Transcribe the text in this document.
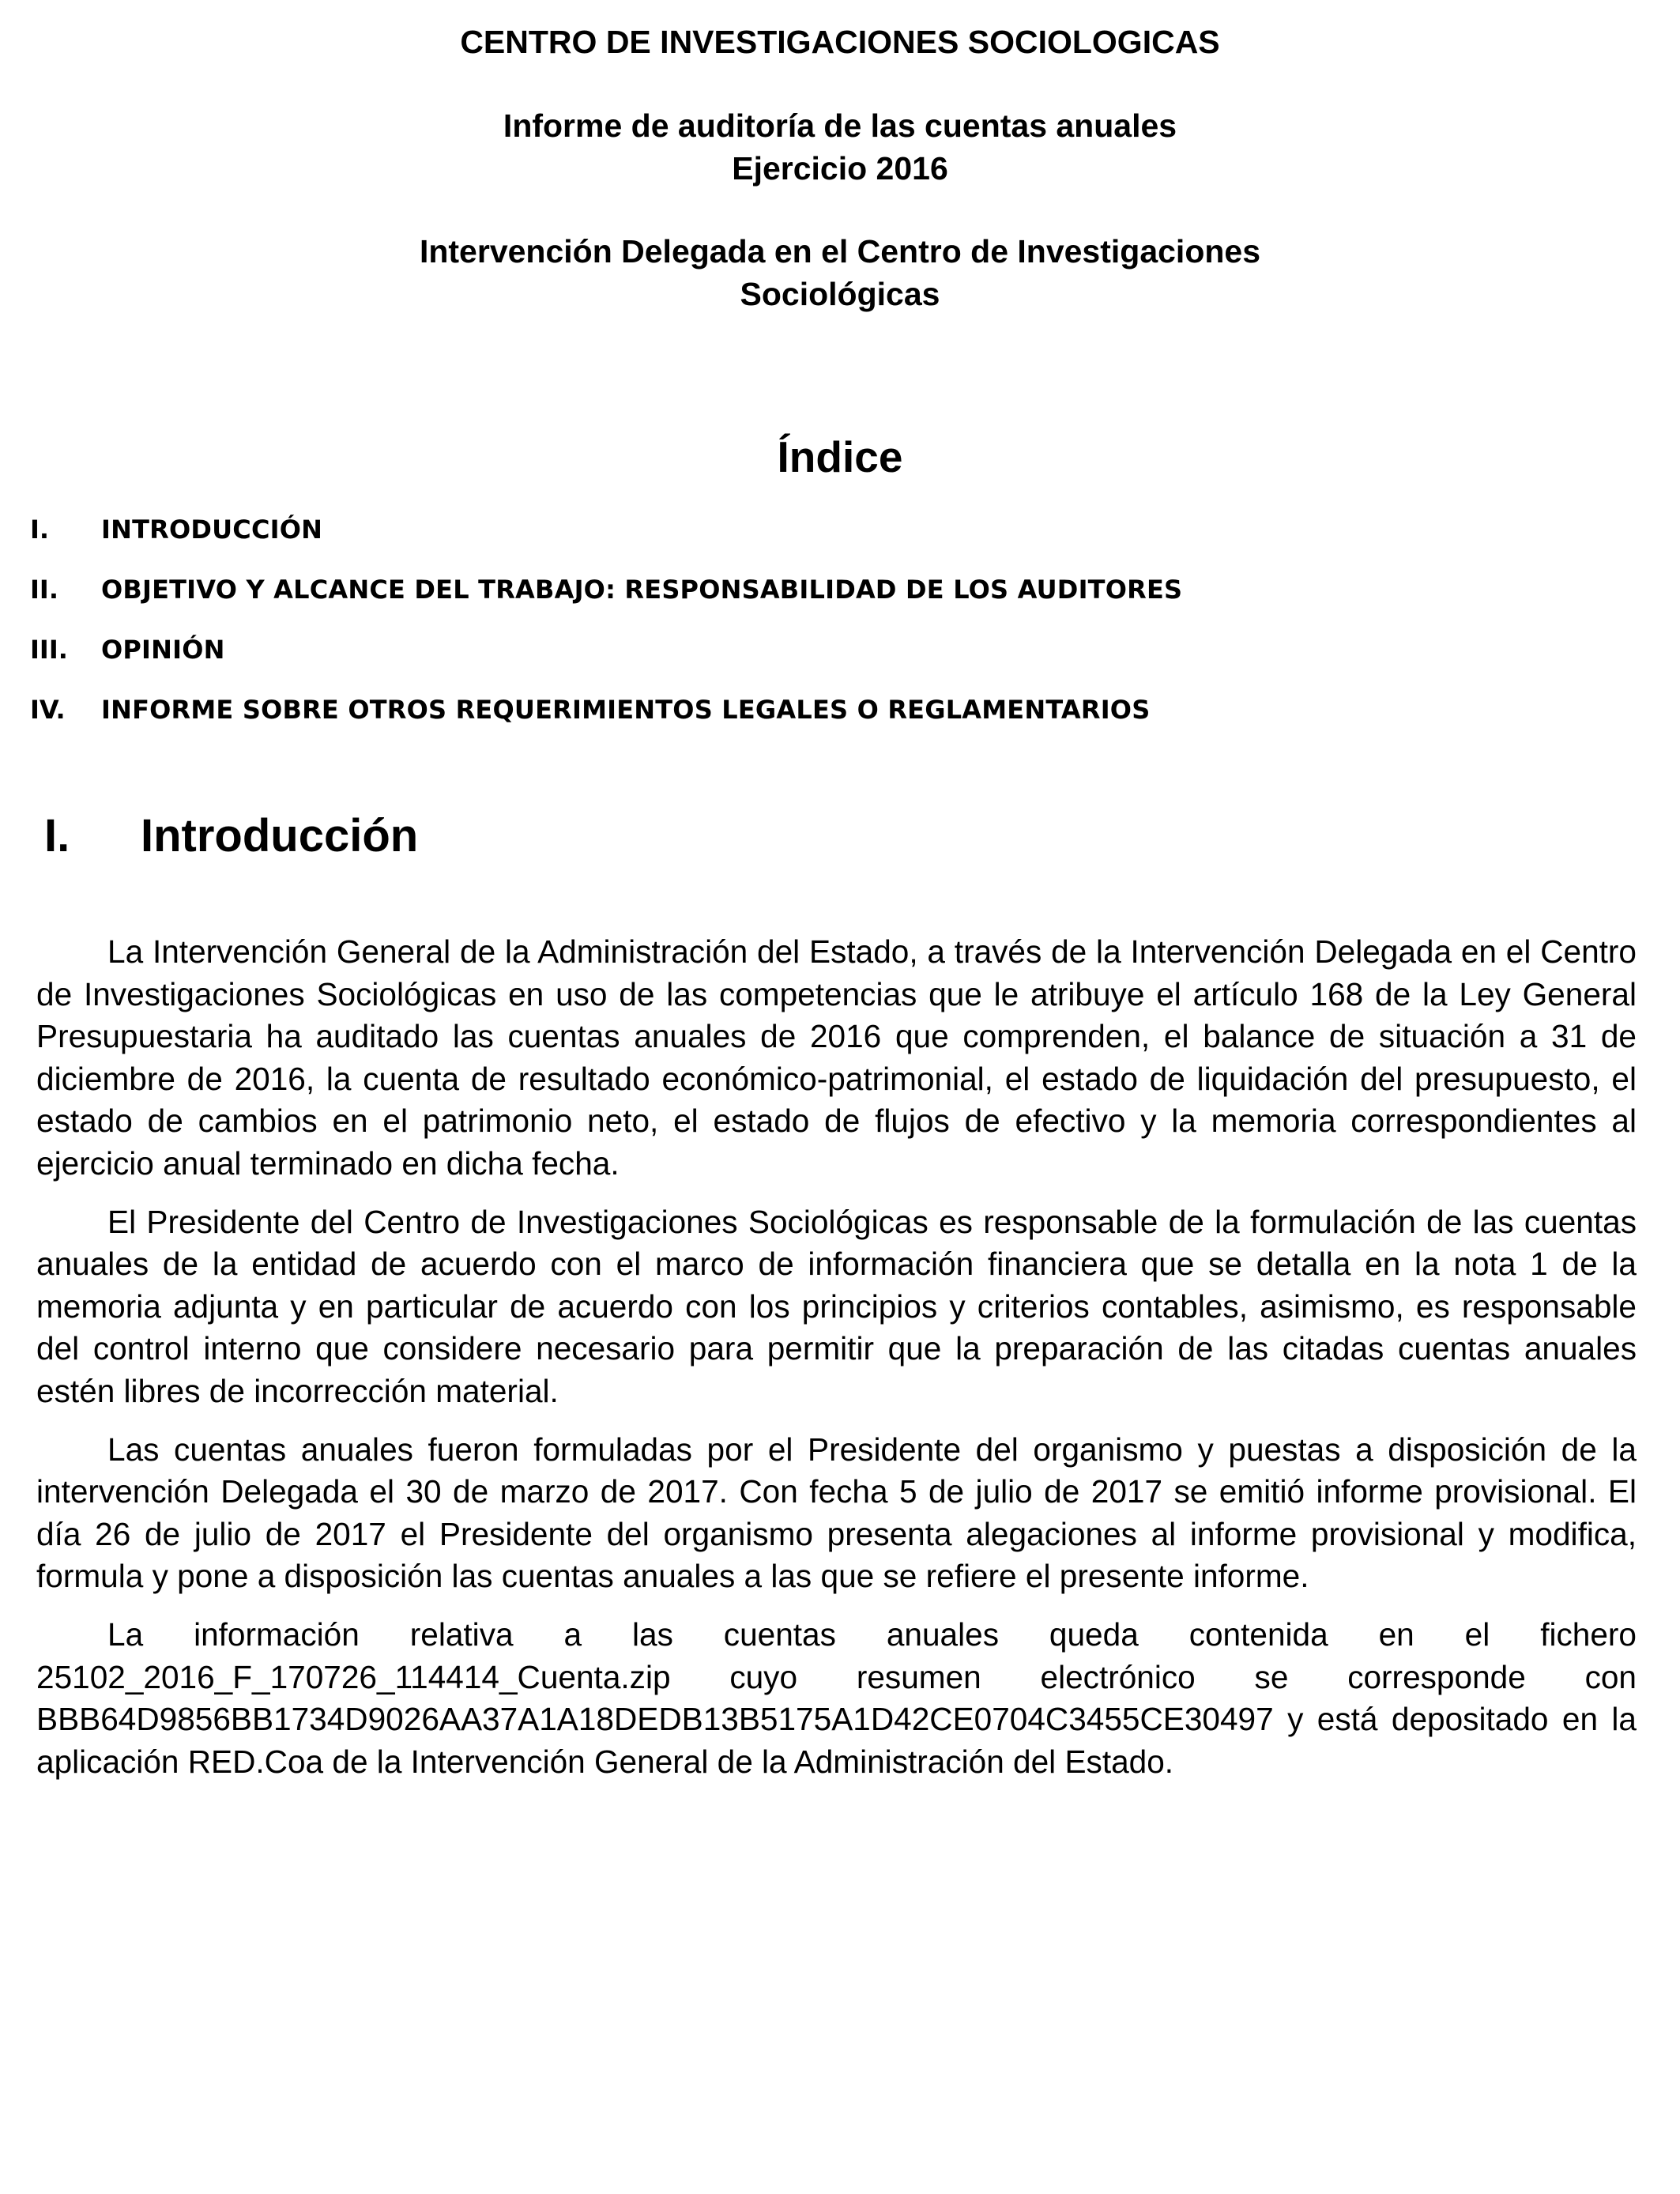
CENTRO DE INVESTIGACIONES SOCIOLOGICAS
Informe de auditoría de las cuentas anuales
Ejercicio 2016
Intervención Delegada en el Centro de Investigaciones
Sociológicas
Índice
I. INTRODUCCIÓN
II. OBJETIVO Y ALCANCE DEL TRABAJO: RESPONSABILIDAD DE LOS AUDITORES
III. OPINIÓN
IV. INFORME SOBRE OTROS REQUERIMIENTOS LEGALES O REGLAMENTARIOS
I. Introducción

La Intervención General de la Administración del Estado, a través de la Intervención Delegada en el Centro de Investigaciones Sociológicas en uso de las competencias que le atribuye el artículo 168 de la Ley General Presupuestaria ha auditado las cuentas anuales de 2016 que comprenden, el balance de situación a 31 de diciembre de 2016, la cuenta de resultado económico-patrimonial, el estado de liquidación del presupuesto, el estado de cambios en el patrimonio neto, el estado de flujos de efectivo y la memoria correspondientes al ejercicio anual terminado en dicha fecha.

El Presidente del Centro de Investigaciones Sociológicas es responsable de la formulación de las cuentas anuales de la entidad de acuerdo con el marco de información financiera que se detalla en la nota 1 de la memoria adjunta y en particular de acuerdo con los principios y criterios contables, asimismo, es responsable del control interno que considere necesario para permitir que la preparación de las citadas cuentas anuales estén libres de incorrección material.

Las cuentas anuales fueron formuladas por el Presidente del organismo y puestas a disposición de la intervención Delegada el 30 de marzo de 2017. Con fecha 5 de julio de 2017 se emitió informe provisional. El día 26 de julio de 2017 el Presidente del organismo presenta alegaciones al informe provisional y modifica, formula y pone a disposición las cuentas anuales a las que se refiere el presente informe.

La información relativa a las cuentas anuales queda contenida en el fichero 25102_2016_F_170726_114414_Cuenta.zip cuyo resumen electrónico se corresponde con BBB64D9856BB1734D9026AA37A1A18DEDB13B5175A1D42CE0704C3455CE30497 y está depositado en la aplicación RED.Coa de la Intervención General de la Administración del Estado.
